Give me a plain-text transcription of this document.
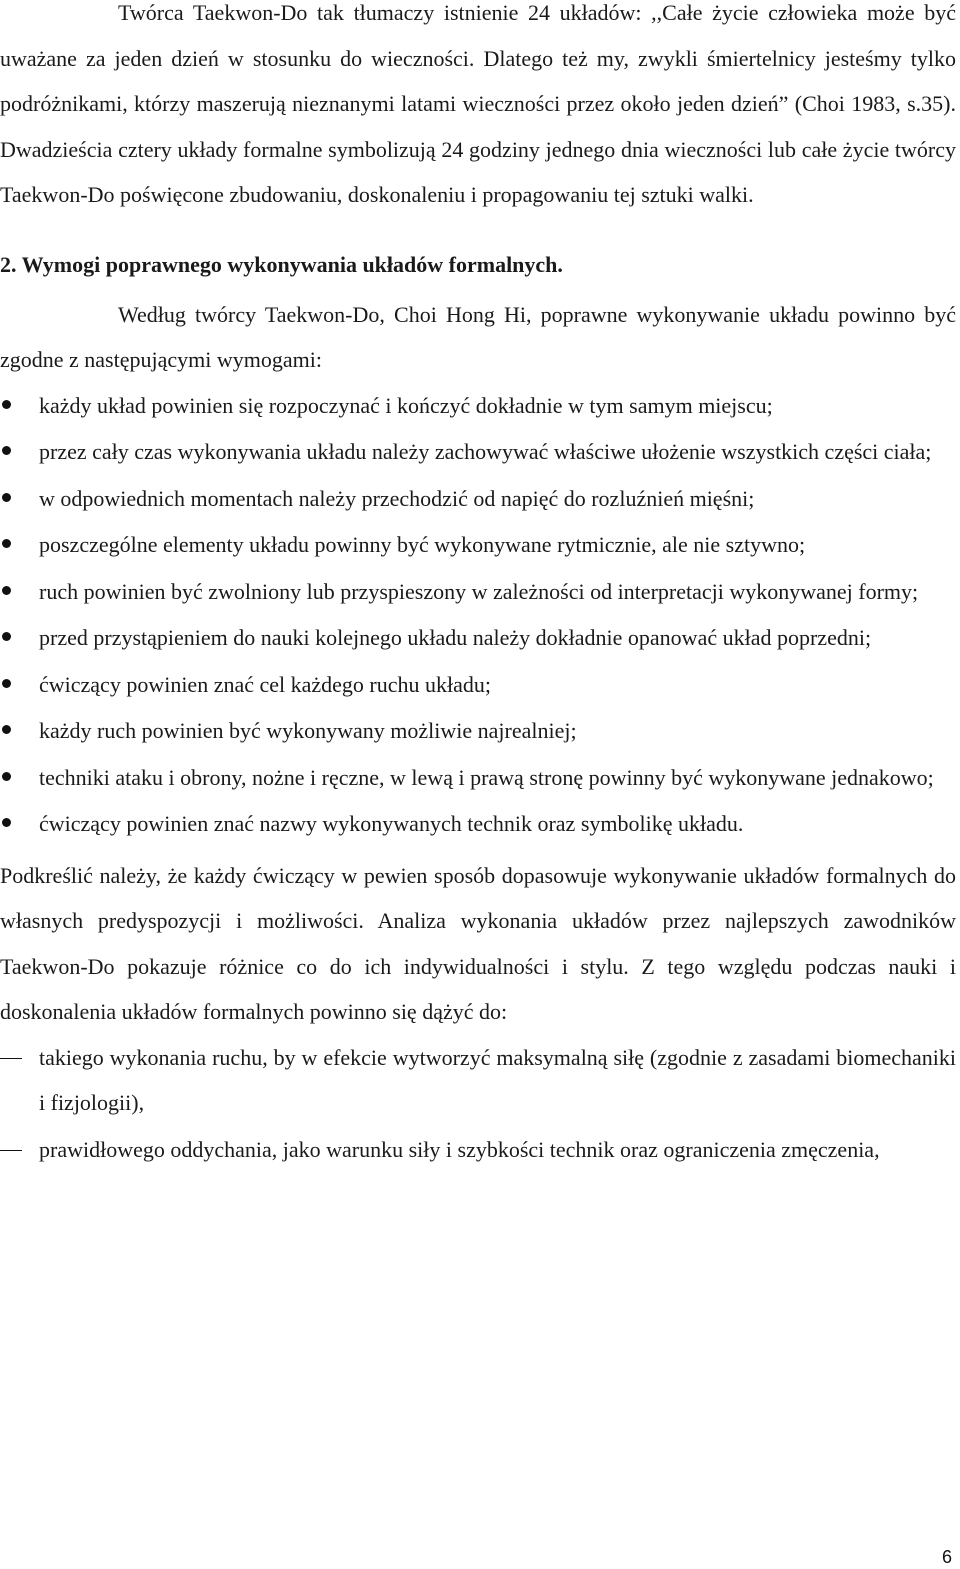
Twórca Taekwon-Do tak tłumaczy istnienie 24 układów: ,,Całe życie człowieka może być uważane za jeden dzień w stosunku do wieczności. Dlatego też my, zwykli śmiertelnicy jesteśmy tylko podróżnikami, którzy maszerują nieznanymi latami wieczności przez około jeden dzień” (Choi 1983, s.35). Dwadzieścia cztery układy formalne symbolizują 24 godziny jednego dnia wieczności lub całe życie twórcy Taekwon-Do poświęcone zbudowaniu, doskonaleniu i propagowaniu tej sztuki walki.

2. Wymogi poprawnego wykonywania układów formalnych.

Według twórcy Taekwon-Do, Choi Hong Hi, poprawne wykonywanie układu powinno być zgodne z następującymi wymogami:

każdy układ powinien się rozpoczynać i kończyć dokładnie w tym samym miejscu;
przez cały czas wykonywania układu należy zachowywać właściwe ułożenie wszystkich części ciała;
w odpowiednich momentach należy przechodzić od napięć do rozluźnień mięśni;
poszczególne elementy układu powinny być wykonywane rytmicznie, ale nie sztywno;
ruch powinien być zwolniony lub przyspieszony w zależności od interpretacji wykonywanej formy;
przed przystąpieniem do nauki kolejnego układu należy dokładnie opanować układ poprzedni;
ćwiczący powinien znać cel każdego ruchu układu;
każdy ruch powinien być wykonywany możliwie najrealniej;
techniki ataku i obrony, nożne i ręczne, w lewą i prawą stronę powinny być wykonywane jednakowo;
ćwiczący powinien znać nazwy wykonywanych technik oraz symbolikę układu.

Podkreślić należy, że każdy ćwiczący w pewien sposób dopasowuje wykonywanie układów formalnych do własnych predyspozycji i możliwości. Analiza wykonania układów przez najlepszych zawodników Taekwon-Do pokazuje różnice co do ich indywidualności i stylu. Z tego względu podczas nauki i doskonalenia układów formalnych powinno się dążyć do:

takiego wykonania ruchu, by w efekcie wytworzyć maksymalną siłę (zgodnie z zasadami biomechaniki i fizjologii),
prawidłowego oddychania, jako warunku siły i szybkości technik oraz ograniczenia zmęczenia,
6
